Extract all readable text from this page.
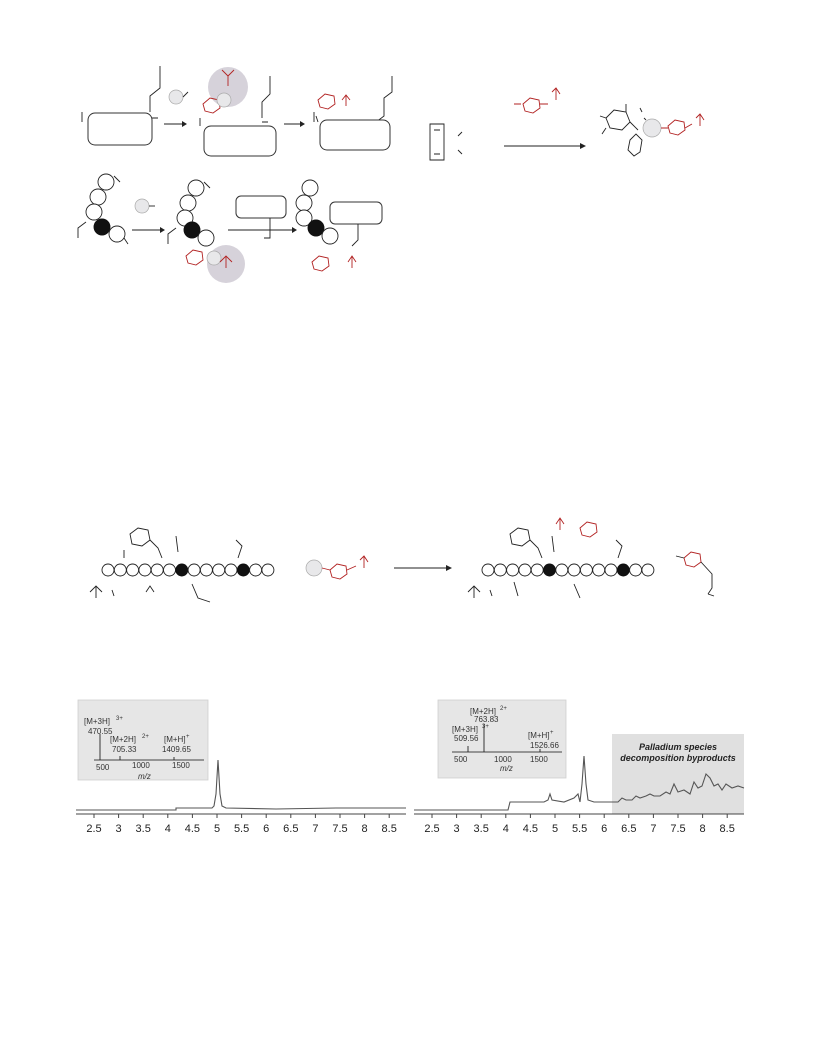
[M+3H] 3+
470.55
[M+2H] 2+
705.33
[M+H] +
1409.65
500	1000	1500
m/z
2.5 3 3.5 4 4.5 5 5.5 6 6.5 7 7.5 8 8.5
Palladium species
decomposition byproducts
[M+2H] 2+
763.83
[M+3H] 3+
509.56	[M+H] +
1526.66
500	1000 1500
m/z
2.5 3 3.5 4 4.5 5 5.5 6 6.5 7 7.5 8 8.5
